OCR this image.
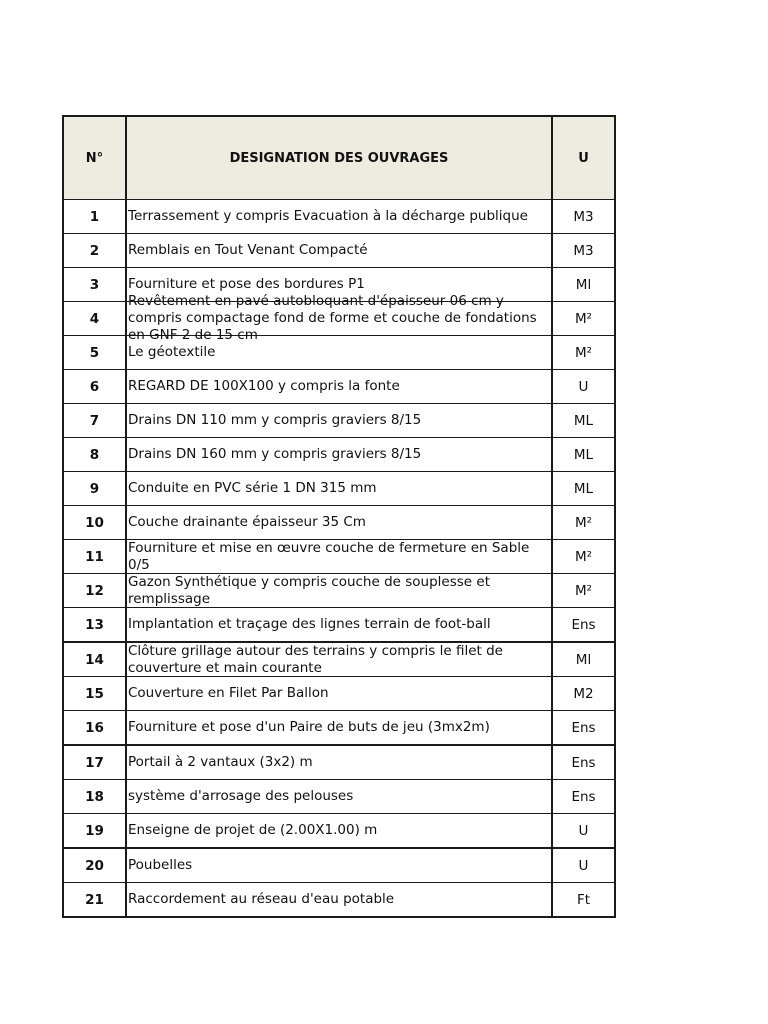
N°	DESIGNATION DES OUVRAGES	U
1	Terrassement y compris Evacuation à la décharge publique	M3
2	Remblais en Tout Venant Compacté	M3
3	Fourniture et pose des bordures P1	Ml
4	Revêtement en pavé autobloquant d'épaisseur 06 cm y compris compactage fond de forme et couche de fondations en GNF 2 de 15 cm	M²
5	Le géotextile	M²
6	REGARD DE 100X100 y compris la fonte	U
7	Drains DN 110 mm y compris graviers 8/15	ML
8	Drains DN 160 mm y compris graviers 8/15	ML
9	Conduite en PVC série 1 DN 315 mm	ML
10	Couche drainante épaisseur 35 Cm	M²
11	Fourniture et mise en œuvre couche de fermeture en Sable 0/5	M²
12	Gazon Synthétique y compris couche de souplesse et remplissage	M²
13	Implantation et traçage des lignes terrain de foot-ball	Ens
14	Clôture grillage autour des terrains y compris le filet de couverture et main courante	Ml
15	Couverture en Filet Par Ballon	M2
16	Fourniture et pose d'un Paire de buts de jeu (3mx2m)	Ens
17	Portail à 2 vantaux (3x2) m	Ens
18	système d'arrosage des pelouses	Ens
19	Enseigne de projet de (2.00X1.00) m	U
20	Poubelles	U
21	Raccordement au réseau d'eau potable	Ft
